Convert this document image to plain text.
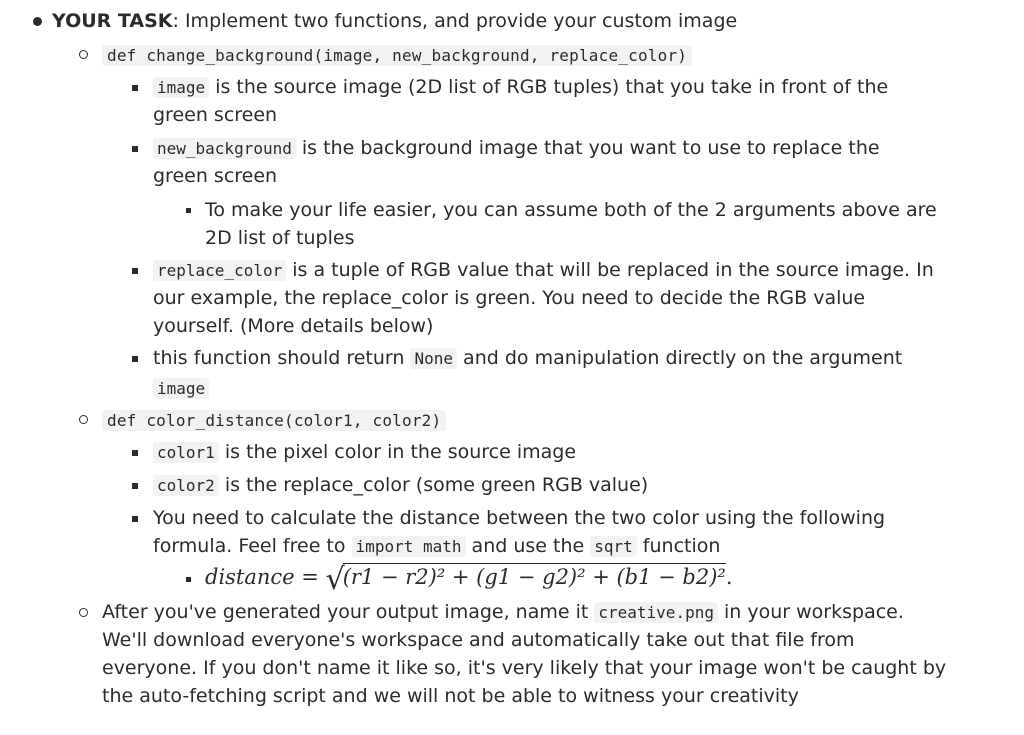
YOUR TASK: Implement two functions, and provide your custom image
def change_background(image, new_background, replace_color)
image is the source image (2D list of RGB tuples) that you take in front of the
green screen
new_background is the background image that you want to use to replace the
green screen
To make your life easier, you can assume both of the 2 arguments above are
2D list of tuples
replace_color is a tuple of RGB value that will be replaced in the source image. In
our example, the replace_color is green. You need to decide the RGB value
yourself. (More details below)
this function should return None and do manipulation directly on the argument
image
def color_distance(color1, color2)
color1 is the pixel color in the source image
color2 is the replace_color (some green RGB value)
You need to calculate the distance between the two color using the following
formula. Feel free to import math and use the sqrt function
distance = √(r1 − r2)² + (g1 − g2)² + (b1 − b2)².
After you've generated your output image, name it creative.png in your workspace.
We'll download everyone's workspace and automatically take out that file from
everyone. If you don't name it like so, it's very likely that your image won't be caught by
the auto-fetching script and we will not be able to witness your creativity
